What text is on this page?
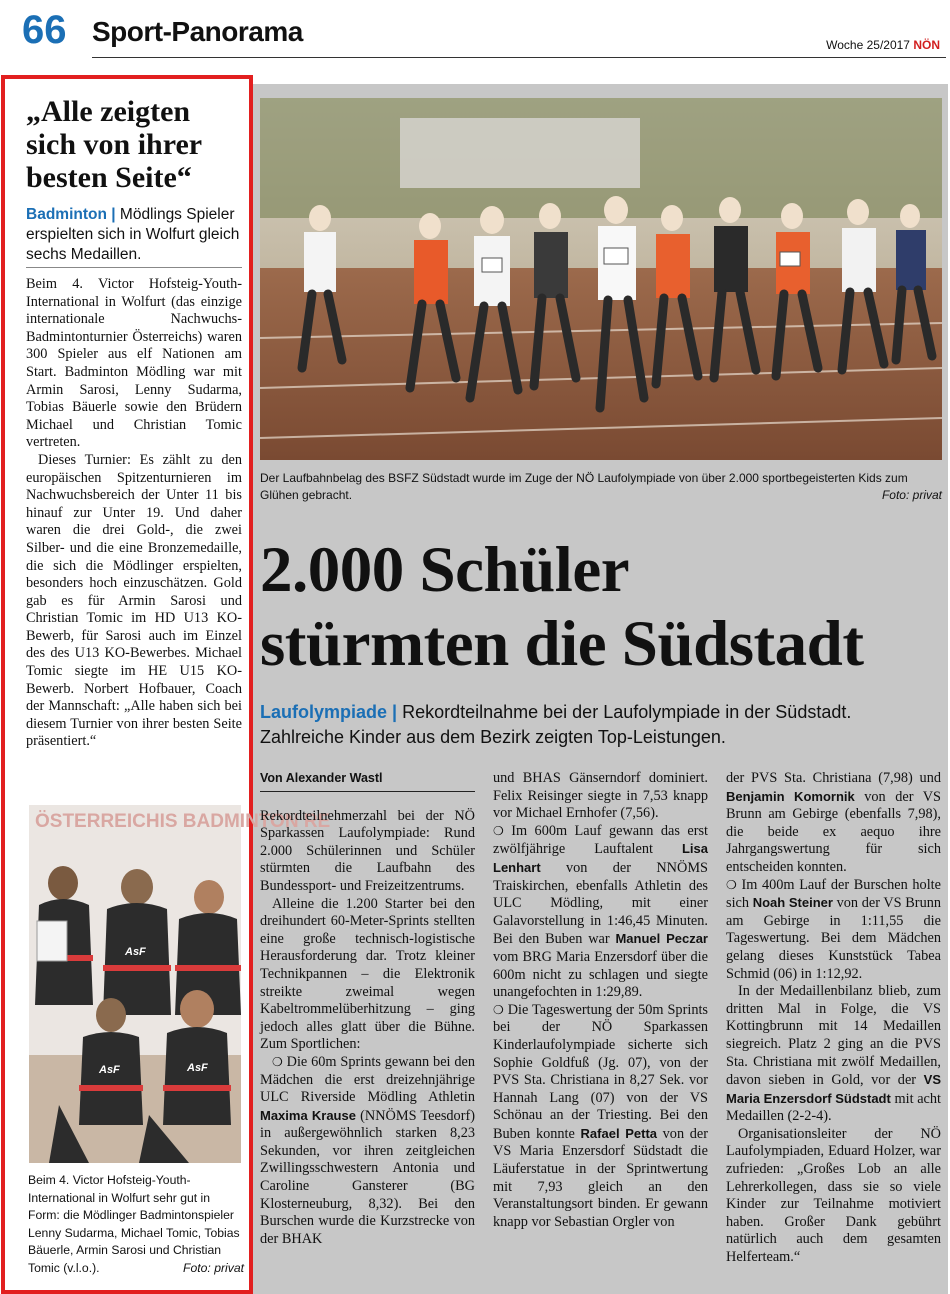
66 Sport-Panorama	Woche 25/2017 NÖN
„Alle zeigten sich von ihrer besten Seite“
Badminton | Mödlings Spieler erspielten sich in Wolfurt gleich sechs Medaillen.

Beim 4. Victor Hofsteig-Youth-International in Wolfurt (das einzige internationale Nachwuchs-Badmintonturnier Österreichs) waren 300 Spieler aus elf Nationen am Start. Badminton Mödling war mit Armin Sarosi, Lenny Sudarma, Tobias Bäuerle sowie den Brüdern Michael und Christian Tomic vertreten.

Dieses Turnier: Es zählt zu den europäischen Spitzenturnieren im Nachwuchsbereich der Unter 11 bis hinauf zur Unter 19. Und daher waren die drei Gold-, die zwei Silber- und die eine Bronzemedaille, die sich die Mödlinger erspielten, besonders hoch einzuschätzen. Gold gab es für Armin Sarosi und Christian Tomic im HD U13 KO-Bewerb, für Sarosi auch im Einzel des des U13 KO-Bewerbes. Michael Tomic siegte im HE U15 KO-Bewerb. Norbert Hofbauer, Coach der Mannschaft: „Alle haben sich bei diesem Turnier von ihrer besten Seite präsentiert.“

ÖSTERREICHIS BADMINTON RE
AsF
AsF	AsF
Beim 4. Victor Hofsteig-Youth-International in Wolfurt sehr gut in Form: die Mödlinger Badmintonspieler Lenny Sudarma, Michael Tomic, Tobias Bäuerle, Armin Sarosi und Christian Tomic (v.l.o.).	Foto: privat
Der Laufbahnbelag des BSFZ Südstadt wurde im Zuge der NÖ Laufolympiade von über 2.000 sportbegeisterten Kids zum Glühen gebracht.	Foto: privat
2.000 Schüler
stürmten die Südstadt
Laufolympiade | Rekordteilnahme bei der Laufolympiade in der Südstadt. Zahlreiche Kinder aus dem Bezirk zeigten Top-Leistungen.
Von Alexander Wastl

Rekordteilnehmerzahl bei der NÖ Sparkassen Laufolympiade: Rund 2.000 Schülerinnen und Schüler stürmten die Laufbahn des Bundessport- und Freizeitzentrums.

Alleine die 1.200 Starter bei den dreihundert 60-Meter-Sprints stellten eine große technisch-logistische Herausforderung dar. Trotz kleiner Technikpannen – die Elektronik streikte zweimal wegen Kabeltrommelüberhitzung – ging jedoch alles glatt über die Bühne. Zum Sportlichen:

❍ Die 60m Sprints gewann bei den Mädchen die erst dreizehnjährige ULC Riverside Mödling Athletin Maxima Krause (NNÖMS Teesdorf) in außergewöhnlich starken 8,23 Sekunden, vor ihren zeitgleichen Zwillingsschwestern Antonia und Caroline Gansterer (BG Klosterneuburg, 8,32). Bei den Burschen wurde die Kurzstrecke von der BHAK

und BHAS Gänserndorf dominiert. Felix Reisinger siegte in 7,53 knapp vor Michael Ernhofer (7,56).

❍ Im 600m Lauf gewann das erst zwölfjährige Lauftalent Lisa Lenhart von der NNÖMS Traiskirchen, ebenfalls Athletin des ULC Mödling, mit einer Galavorstellung in 1:46,45 Minuten. Bei den Buben war Manuel Peczar vom BRG Maria Enzersdorf über die 600m nicht zu schlagen und siegte unangefochten in 1:29,89.

❍ Die Tageswertung der 50m Sprints bei der NÖ Sparkassen Kinderlaufolympiade sicherte sich Sophie Goldfuß (Jg. 07), von der PVS Sta. Christiana in 8,27 Sek. vor Hannah Lang (07) von der VS Schönau an der Triesting. Bei den Buben konnte Rafael Petta von der VS Maria Enzersdorf Südstadt die Läuferstatue in der Sprintwertung mit 7,93 gleich an den Veranstaltungsort binden. Er gewann knapp vor Sebastian Orgler von

der PVS Sta. Christiana (7,98) und Benjamin Komornik von der VS Brunn am Gebirge (ebenfalls 7,98), die beide ex aequo ihre Jahrgangswertung für sich entscheiden konnten.

❍ Im 400m Lauf der Burschen holte sich Noah Steiner von der VS Brunn am Gebirge in 1:11,55 die Tageswertung. Bei dem Mädchen gelang dieses Kunststück Tabea Schmid (06) in 1:12,92.

In der Medaillenbilanz blieb, zum dritten Mal in Folge, die VS Kottingbrunn mit 14 Medaillen siegreich. Platz 2 ging an die PVS Sta. Christiana mit zwölf Medaillen, davon sieben in Gold, vor der VS Maria Enzersdorf Südstadt mit acht Medaillen (2-2-4).

Organisationsleiter der NÖ Laufolympiaden, Eduard Holzer, war zufrieden: „Großes Lob an alle Lehrerkollegen, dass sie so viele Kinder zur Teilnahme motiviert haben. Großer Dank gebührt natürlich auch dem gesamten Helferteam.“
